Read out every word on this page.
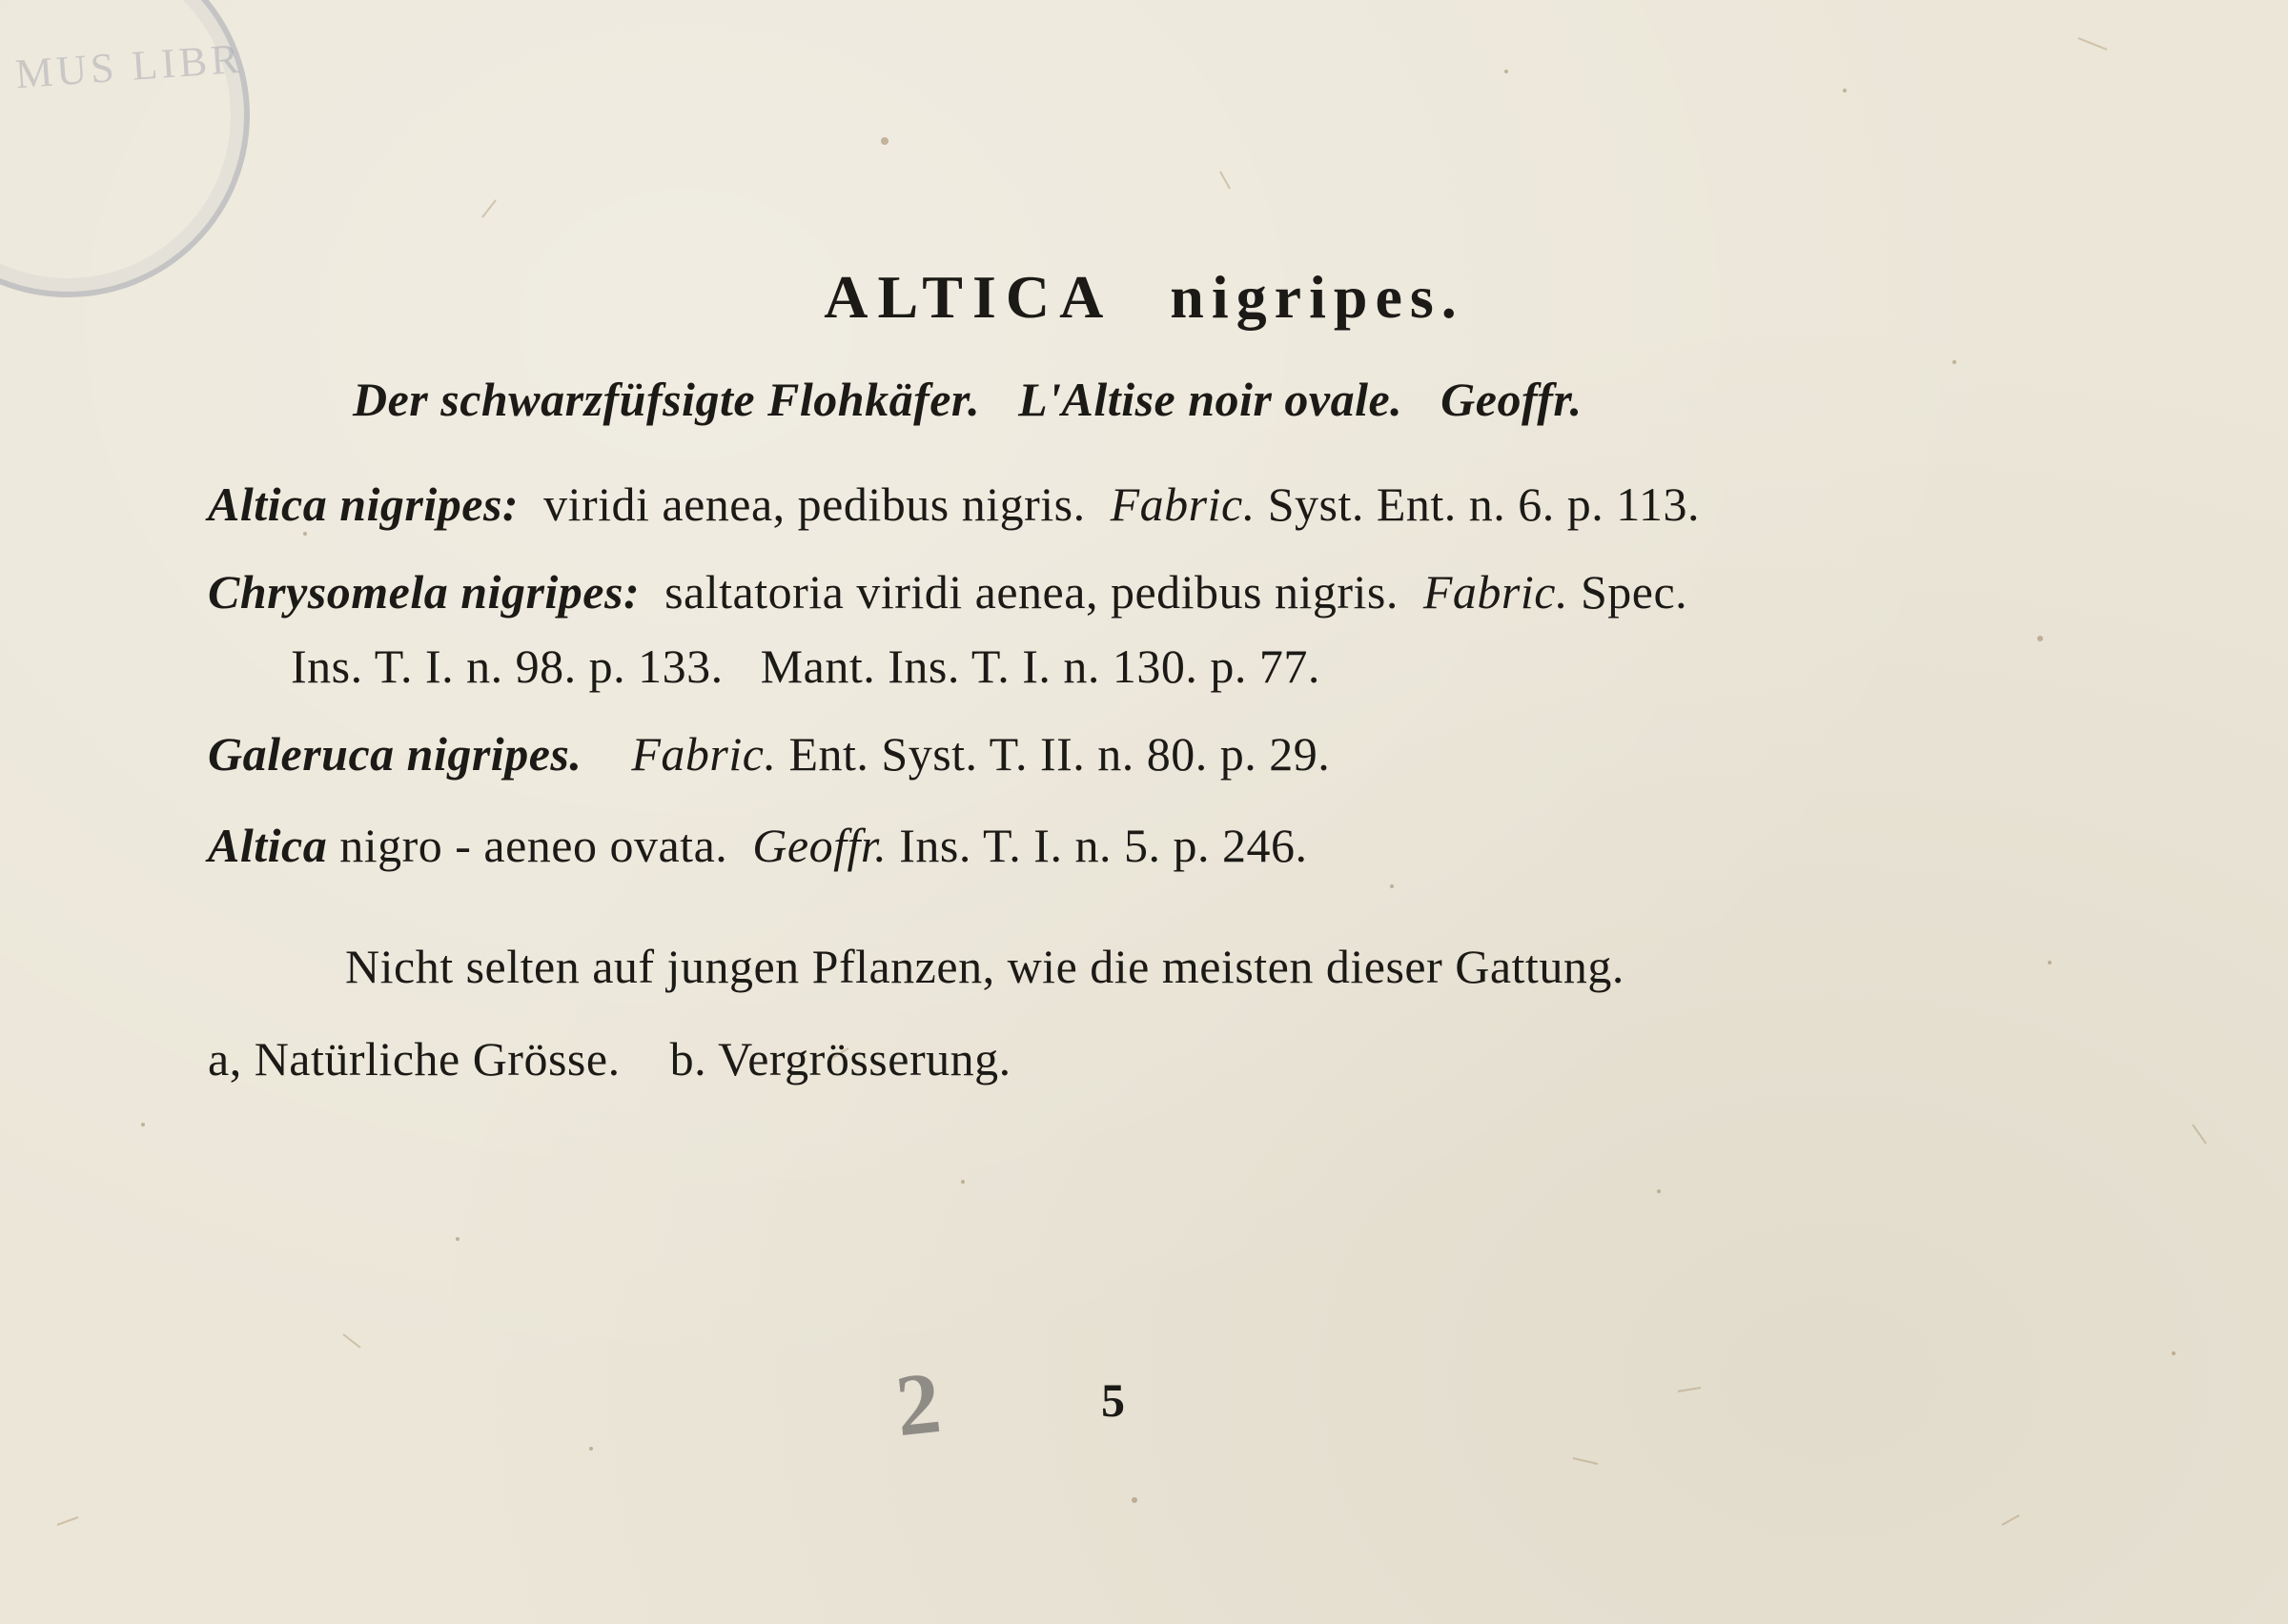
MUS LIBR
ALTICA nigripes.
Der schwarzfüfsigte Flohkäfer. L'Altise noir ovale. Geoffr.
Altica nigripes: viridi aenea, pedibus nigris. Fabric. Syst. Ent. n. 6. p. 113.
Chrysomela nigripes: saltatoria viridi aenea, pedibus nigris. Fabric. Spec.
Ins. T. I. n. 98. p. 133.   Mant. Ins. T. I. n. 130. p. 77.
Galeruca nigripes. Fabric. Ent. Syst. T. II. n. 80. p. 29.
Altica nigro - aeneo ovata. Geoffr. Ins. T. I. n. 5. p. 246.
Nicht selten auf jungen Pflanzen, wie die meisten dieser Gattung.
a, Natürliche Grösse. b. Vergrösserung.
2	5
